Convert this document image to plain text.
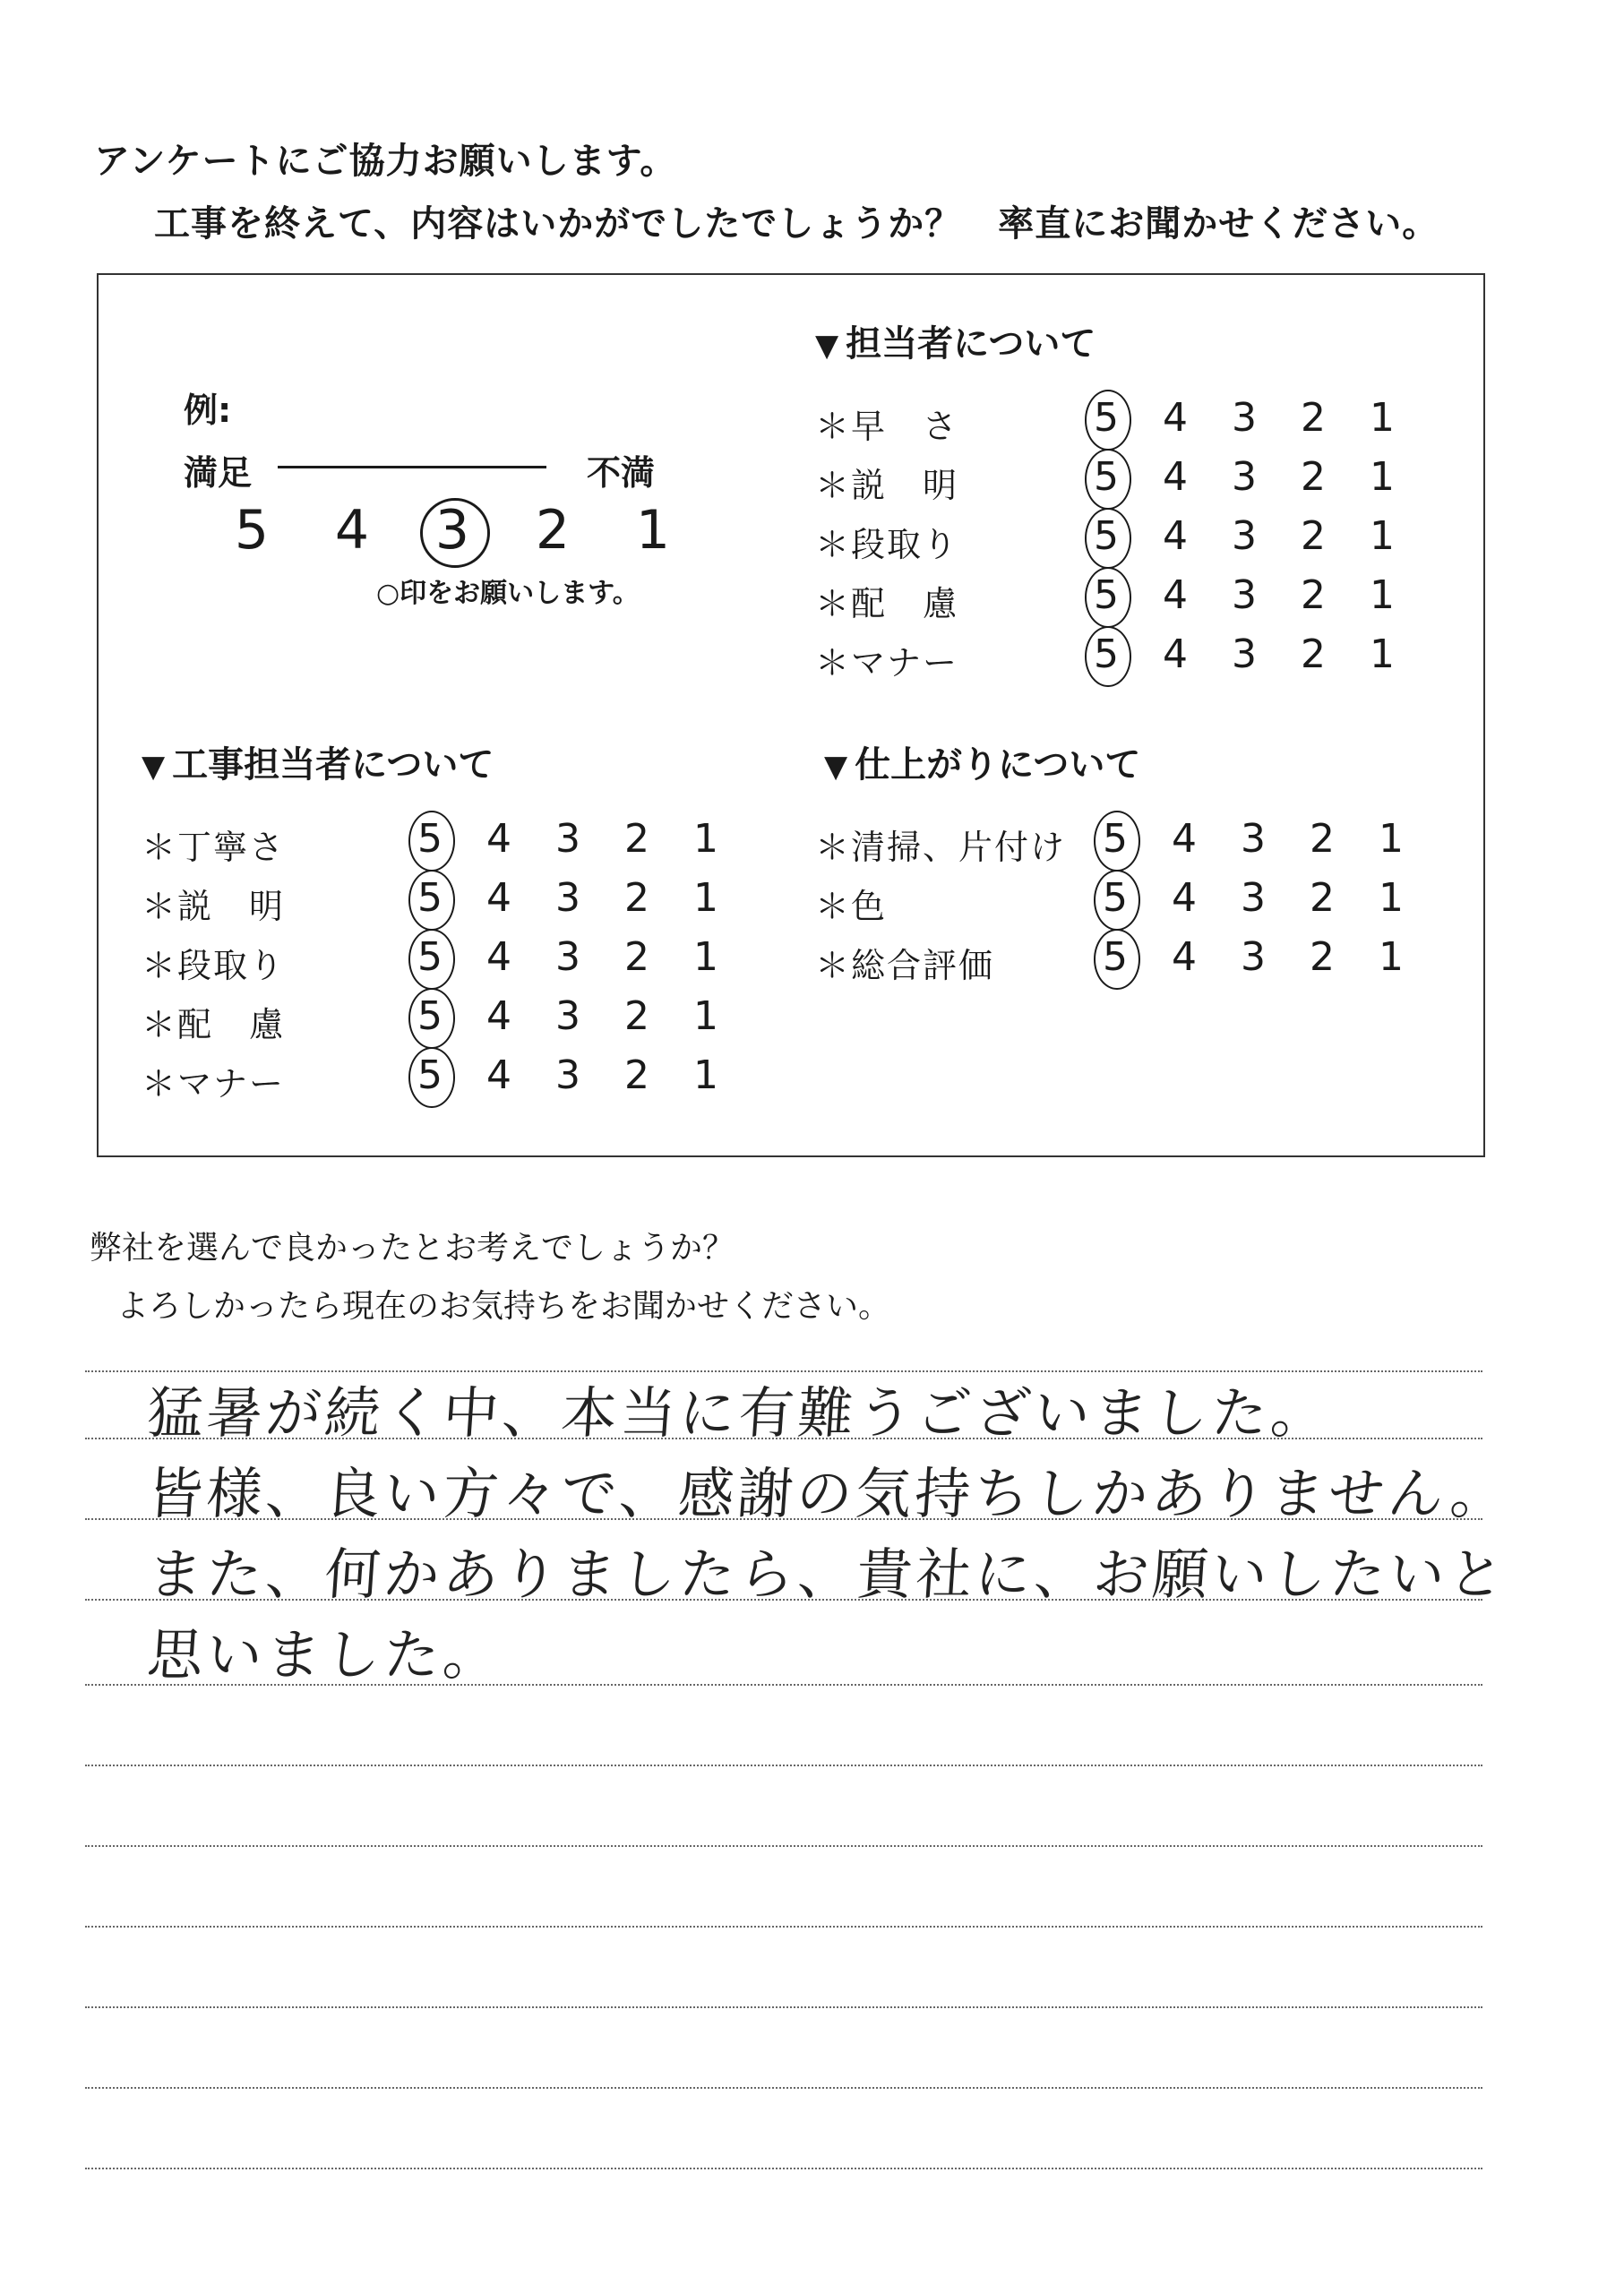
アンケートにご協力お願いします。
工事を終えて、内容はいかがでしたでしょうか？　率直にお聞かせください。
例:
満足	不満
5 4 3 2 1
○印をお願いします。
▼ 担当者について
＊早　さ	5	4	3	2	1
＊説　明	5	4	3	2	1
＊段取り	5	4	3	2	1
＊配　慮	5	4	3	2	1
＊マナー	5	4	3	2	1
▼ 工事担当者について
＊丁寧さ	5	4	3	2	1
＊説　明	5	4	3	2	1
＊段取り	5	4	3	2	1
＊配　慮	5	4	3	2	1
＊マナー	5	4	3	2	1
▼ 仕上がりについて
＊清掃、片付け 5	4	3	2	1
＊色	5	4	3	2	1
＊総合評価	5	4	3	2	1
弊社を選んで良かったとお考えでしょうか？
よろしかったら現在のお気持ちをお聞かせください。
猛暑が続く中、本当に有難うございました。
皆様、良い方々で、感謝の気持ちしかありません。
また、何かありましたら、貴社に、お願いしたいと
思いました。
